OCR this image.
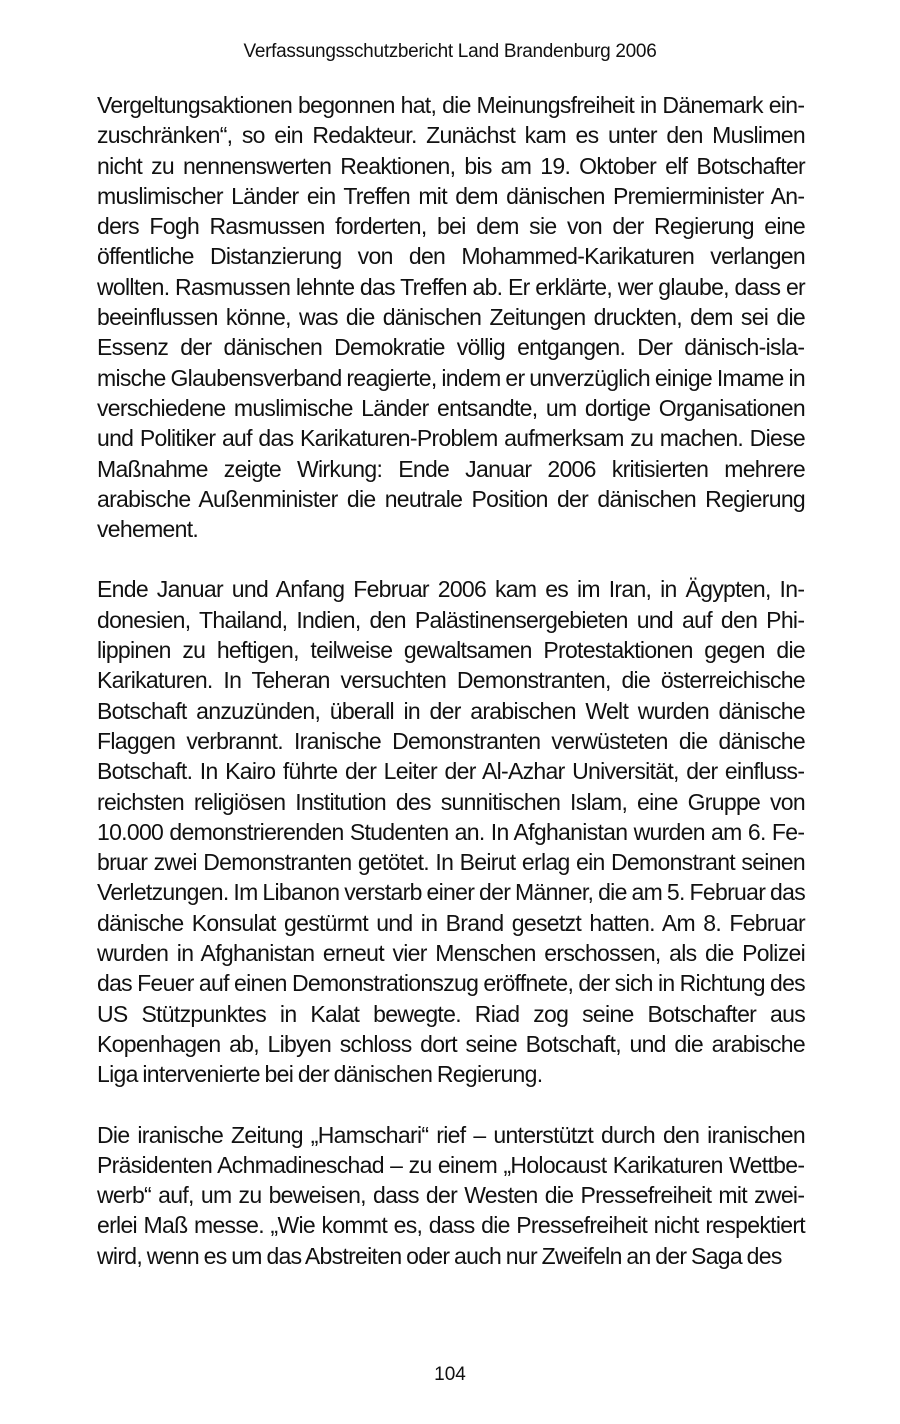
Verfassungsschutzbericht Land Brandenburg 2006

Vergeltungsaktionen begonnen hat, die Meinungsfreiheit in Dänemark einzuschränken“, so ein Redakteur. Zunächst kam es unter den Muslimen nicht zu nennenswerten Reaktionen, bis am 19. Oktober elf Botschafter muslimischer Länder ein Treffen mit dem dänischen Premierminister Anders Fogh Rasmussen forderten, bei dem sie von der Regierung eine öffentliche Distanzierung von den Mohammed-Karikaturen verlangen wollten. Rasmussen lehnte das Treffen ab. Er erklärte, wer glaube, dass er beeinflussen könne, was die dänischen Zeitungen druckten, dem sei die Essenz der dänischen Demokratie völlig entgangen. Der dänisch-islamische Glaubensverband reagierte, indem er unverzüglich einige Imame in verschiedene muslimische Länder entsandte, um dortige Organisationen und Politiker auf das Karikaturen-Problem aufmerksam zu machen. Diese Maßnahme zeigte Wirkung: Ende Januar 2006 kritisierten mehrere arabische Außenminister die neutrale Position der dänischen Regierung vehement.

Ende Januar und Anfang Februar 2006 kam es im Iran, in Ägypten, Indonesien, Thailand, Indien, den Palästinensergebieten und auf den Philippinen zu heftigen, teilweise gewaltsamen Protestaktionen gegen die Karikaturen. In Teheran versuchten Demonstranten, die österreichische Botschaft anzuzünden, überall in der arabischen Welt wurden dänische Flaggen verbrannt. Iranische Demonstranten verwüsteten die dänische Botschaft. In Kairo führte der Leiter der Al-Azhar Universität, der einflussreichsten religiösen Institution des sunnitischen Islam, eine Gruppe von 10.000 demonstrierenden Studenten an. In Afghanistan wurden am 6. Februar zwei Demonstranten getötet. In Beirut erlag ein Demonstrant seinen Verletzungen. Im Libanon verstarb einer der Männer, die am 5. Februar das dänische Konsulat gestürmt und in Brand gesetzt hatten. Am 8. Februar wurden in Afghanistan erneut vier Menschen erschossen, als die Polizei das Feuer auf einen Demonstrationszug eröffnete, der sich in Richtung des US Stützpunktes in Kalat bewegte. Riad zog seine Botschafter aus Kopenhagen ab, Libyen schloss dort seine Botschaft, und die arabische Liga intervenierte bei der dänischen Regierung.

Die iranische Zeitung „Hamschari“ rief – unterstützt durch den iranischen Präsidenten Achmadineschad – zu einem „Holocaust Karikaturen Wettbewerb“ auf, um zu beweisen, dass der Westen die Pressefreiheit mit zweierlei Maß messe. „Wie kommt es, dass die Pressefreiheit nicht respektiert wird, wenn es um das Abstreiten oder auch nur Zweifeln an der Saga des

104
